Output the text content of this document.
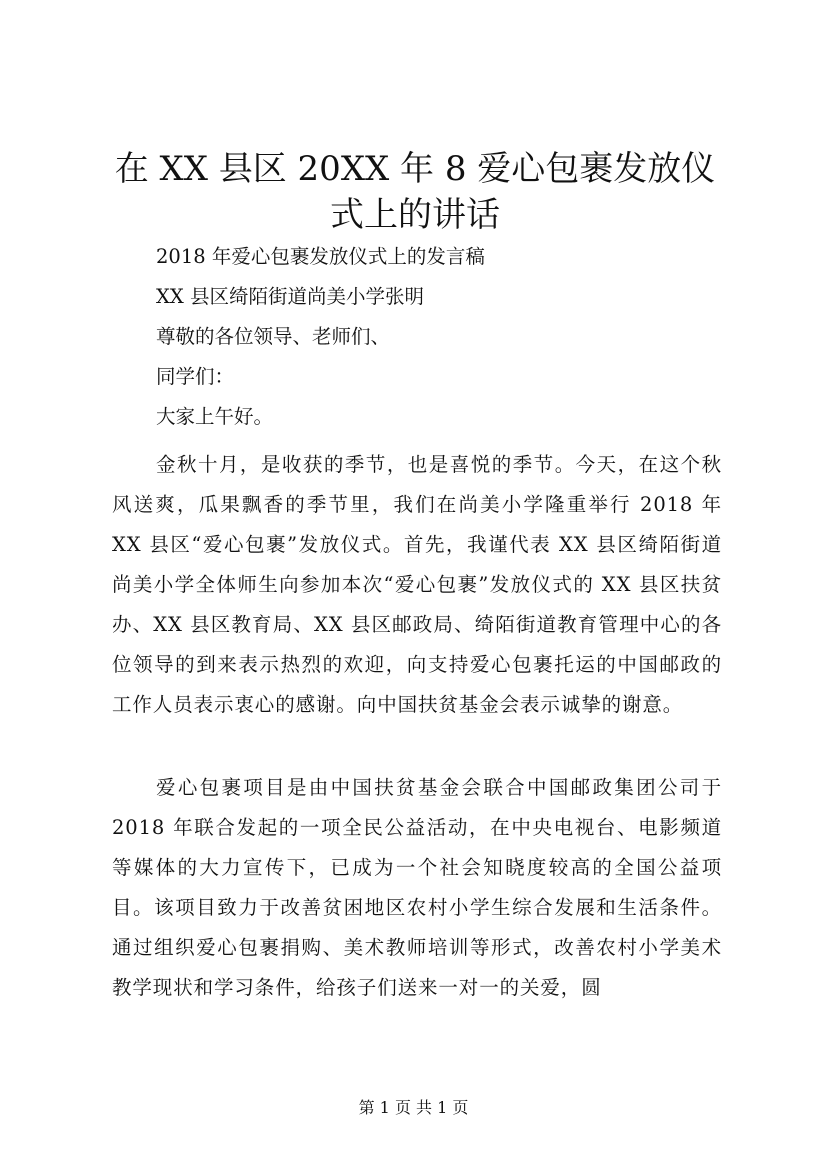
在 XX 县区 20XX 年 8 爱心包裹发放仪式上的讲话

2018 年爱心包裹发放仪式上的发言稿

XX 县区绮陌街道尚美小学张明

尊敬的各位领导、老师们、

同学们：

大家上午好。

金秋十月，是收获的季节，也是喜悦的季节。今天，在这个秋风送爽，瓜果飘香的季节里，我们在尚美小学隆重举行 2018 年 XX 县区“爱心包裹”发放仪式。首先，我谨代表 XX 县区绮陌街道尚美小学全体师生向参加本次“爱心包裹”发放仪式的 XX 县区扶贫办、XX 县区教育局、XX 县区邮政局、绮陌街道教育管理中心的各位领导的到来表示热烈的欢迎，向支持爱心包裹托运的中国邮政的工作人员表示衷心的感谢。向中国扶贫基金会表示诚挚的谢意。

爱心包裹项目是由中国扶贫基金会联合中国邮政集团公司于 2018 年联合发起的一项全民公益活动，在中央电视台、电影频道等媒体的大力宣传下，已成为一个社会知晓度较高的全国公益项目。该项目致力于改善贫困地区农村小学生综合发展和生活条件。通过组织爱心包裹捐购、美术教师培训等形式，改善农村小学美术教学现状和学习条件，给孩子们送来一对一的关爱，圆

第 1 页 共 1 页
